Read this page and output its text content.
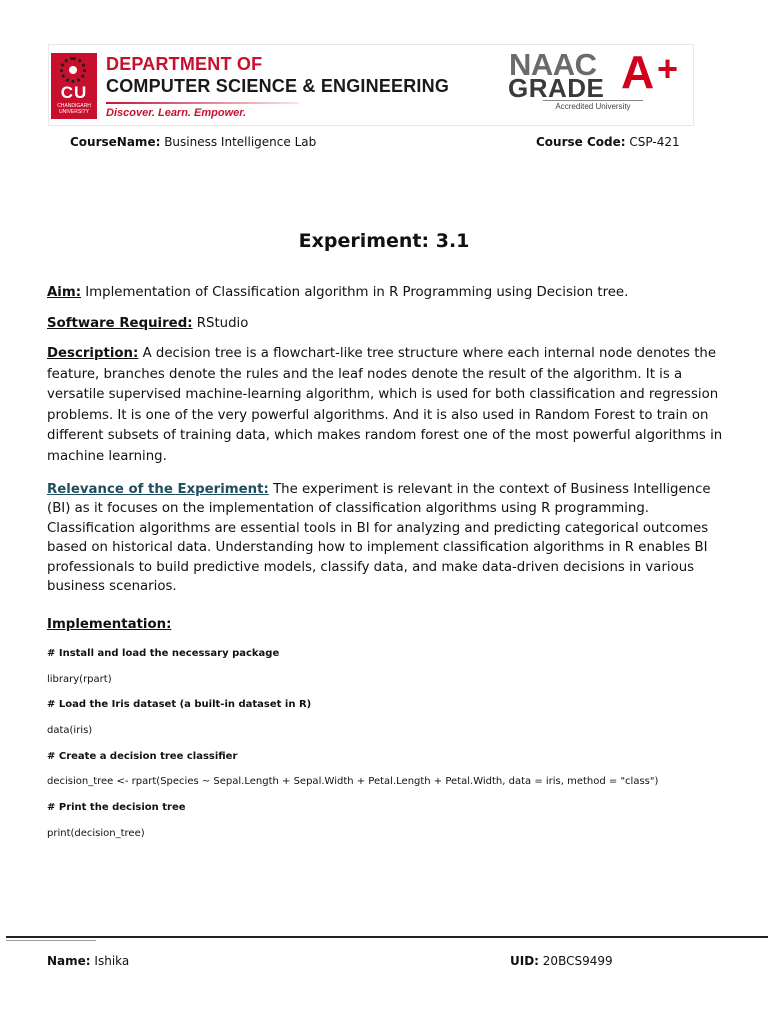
CU
CHANDIGARH UNIVERSITY
DEPARTMENT OF
COMPUTER SCIENCE & ENGINEERING
Discover. Learn. Empower.
NAAC
GRADE A +
Accredited University
CourseName: Business Intelligence Lab	Course Code: CSP-421
Experiment: 3.1
Aim: Implementation of Classification algorithm in R Programming using Decision tree.
Software Required: RStudio
Description: A decision tree is a flowchart-like tree structure where each internal node denotes the feature, branches denote the rules and the leaf nodes denote the result of the algorithm. It is a versatile supervised machine-learning algorithm, which is used for both classification and regression problems. It is one of the very powerful algorithms. And it is also used in Random Forest to train on different subsets of training data, which makes random forest one of the most powerful algorithms in machine learning.
Relevance of the Experiment: The experiment is relevant in the context of Business Intelligence (BI) as it focuses on the implementation of classification algorithms using R programming. Classification algorithms are essential tools in BI for analyzing and predicting categorical outcomes based on historical data. Understanding how to implement classification algorithms in R enables BI professionals to build predictive models, classify data, and make data-driven decisions in various business scenarios.
Implementation:
# Install and load the necessary package
library(rpart)
# Load the Iris dataset (a built-in dataset in R)
data(iris)
# Create a decision tree classifier
decision_tree <- rpart(Species ~ Sepal.Length + Sepal.Width + Petal.Length + Petal.Width, data = iris, method = "class")
# Print the decision tree
print(decision_tree)
Name: Ishika	UID: 20BCS9499
